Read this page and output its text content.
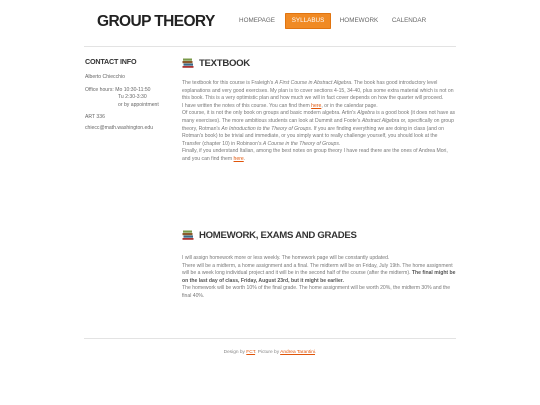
GROUP THEORY	HOMEPAGE	SYLLABUS	HOMEWORK	CALENDAR
CONTACT INFO
Alberto Chiecchio
Office hours: Mo 10:30-11:50
Tu 2:30-3:30
or by appointment
ART 336
chiecc@math.washington.edu
TEXTBOOK

The textbook for this course is Fraleigh's A First Course in Abstract Algebra. The book has good introductory level explanations and very good exercises. My plan is to cover sections 4-15, 34-40, plus some extra material which is not on this book. This is a very optimistic plan and how much we will in fact cover depends on how the quarter will proceed.

I have written the notes of this course. You can find them here, or in the calendar page.

Of course, it is not the only book on groups and basic modern algebra. Artin's Algebra is a good book (it does not have as many exercises). The more ambitious students can look at Dummit and Foote's Abstract Algebra or, specifically on group theory, Rotman's An Introduction to the Theory of Groups. If you are finding everything we are doing in class (and on Rotman's book) to be trivial and immediate, or you simply want to really challenge yourself, you should look at the Transfer (chapter 10) in Robinson's A Course in the Theory of Groups.

Finally, if you understand Italian, among the best notes on group theory I have read there are the ones of Andrea Mori, and you can find them here.

HOMEWORK, EXAMS AND GRADES

I will assign homework more or less weekly. The homework page will be constantly updated.

There will be a midterm, a home assignment and a final. The midterm will be on Friday, July 19th. The home assignment will be a week long individual project and it will be in the second half of the course (after the midterm). The final might be on the last day of class, Friday, August 23rd, but it might be earlier.

The homework will be worth 10% of the final grade. The home assignment will be worth 20%, the midterm 30% and the final 40%.

Design by FCT. Picture by Andrea Tarantini.
